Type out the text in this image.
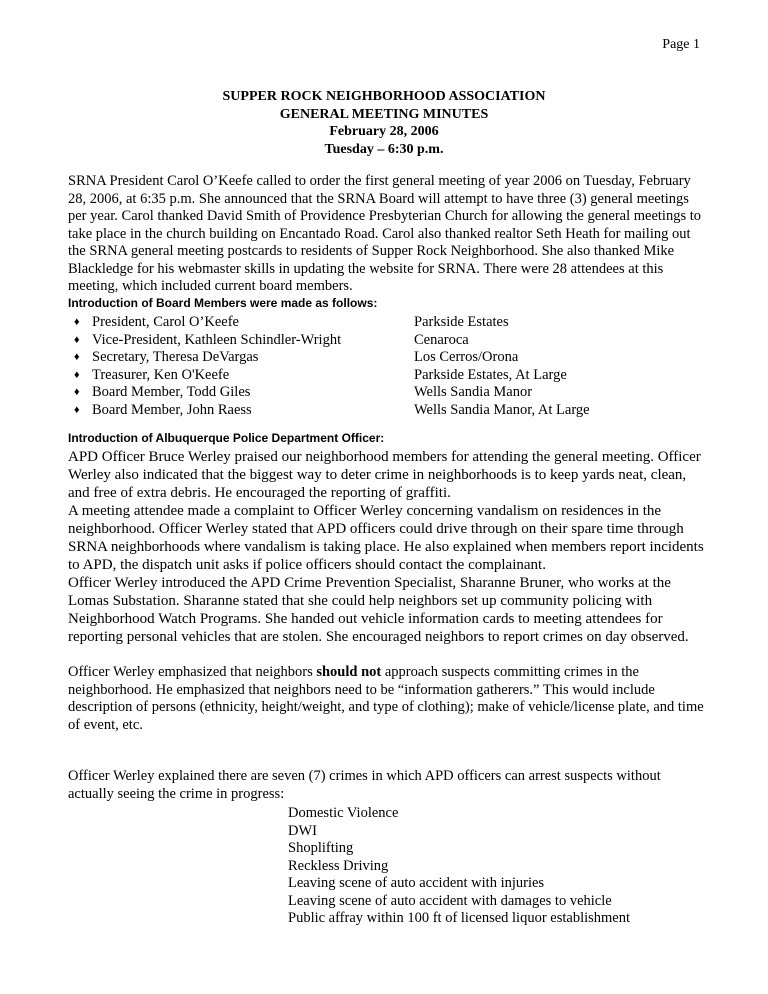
Page 1
SUPPER ROCK NEIGHBORHOOD ASSOCIATION
GENERAL MEETING MINUTES
February 28, 2006
Tuesday – 6:30 p.m.

SRNA President Carol O’Keefe called to order the first general meeting of year 2006 on Tuesday, February 28, 2006, at 6:35 p.m. She announced that the SRNA Board will attempt to have three (3) general meetings per year. Carol thanked David Smith of Providence Presbyterian Church for allowing the general meetings to take place in the church building on Encantado Road. Carol also thanked realtor Seth Heath for mailing out the SRNA general meeting postcards to residents of Supper Rock Neighborhood. She also thanked Mike Blackledge for his webmaster skills in updating the website for SRNA. There were 28 attendees at this meeting, which included current board members.

Introduction of Board Members were made as follows:
♦ President, Carol O’Keefe	Parkside Estates
♦ Vice-President, Kathleen Schindler-Wright	Cenaroca
♦ Secretary, Theresa DeVargas	Los Cerros/Orona
♦ Treasurer, Ken O'Keefe	Parkside Estates, At Large
♦ Board Member, Todd Giles	Wells Sandia Manor
♦ Board Member, John Raess	Wells Sandia Manor, At Large
Introduction of Albuquerque Police Department Officer:
APD Officer Bruce Werley praised our neighborhood members for attending the general meeting. Officer Werley also indicated that the biggest way to deter crime in neighborhoods is to keep yards neat, clean, and free of extra debris. He encouraged the reporting of graffiti.
A meeting attendee made a complaint to Officer Werley concerning vandalism on residences in the neighborhood. Officer Werley stated that APD officers could drive through on their spare time through SRNA neighborhoods where vandalism is taking place. He also explained when members report incidents to APD, the dispatch unit asks if police officers should contact the complainant.
Officer Werley introduced the APD Crime Prevention Specialist, Sharanne Bruner, who works at the Lomas Substation. Sharanne stated that she could help neighbors set up community policing with Neighborhood Watch Programs. She handed out vehicle information cards to meeting attendees for reporting personal vehicles that are stolen. She encouraged neighbors to report crimes on day observed.

Officer Werley emphasized that neighbors should not approach suspects committing crimes in the neighborhood. He emphasized that neighbors need to be “information gatherers.” This would include description of persons (ethnicity, height/weight, and type of clothing); make of vehicle/license plate, and time of event, etc.

Officer Werley explained there are seven (7) crimes in which APD officers can arrest suspects without actually seeing the crime in progress:

Domestic Violence
DWI
Shoplifting
Reckless Driving
Leaving scene of auto accident with injuries
Leaving scene of auto accident with damages to vehicle
Public affray within 100 ft of licensed liquor establishment
